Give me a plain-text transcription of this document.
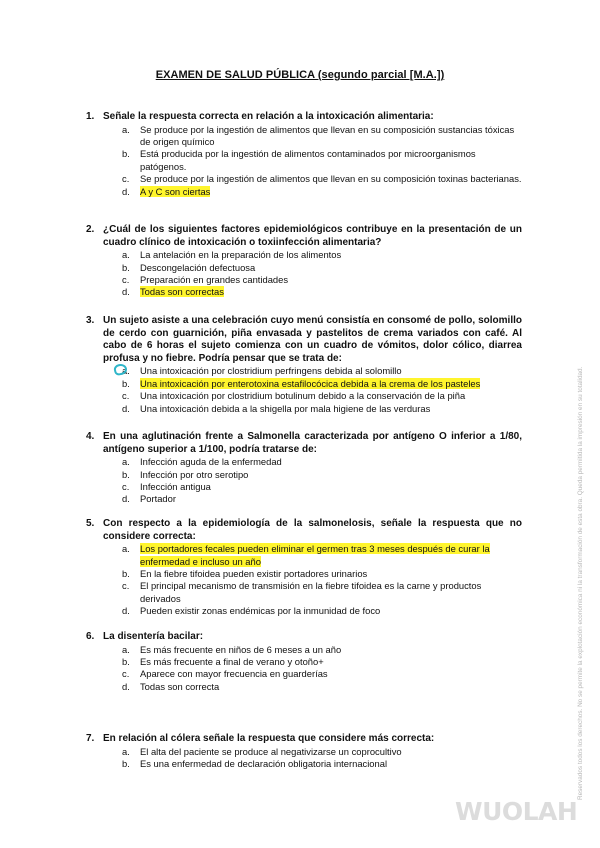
EXAMEN DE SALUD PÚBLICA (segundo parcial [M.A.])
1. Señale la respuesta correcta en relación a la intoxicación alimentaria:
a.	Se produce por la ingestión de alimentos que llevan en su composición sustancias tóxicas de origen químico
b.	Está producida por la ingestión de alimentos contaminados por microorganismos patógenos.
c.	Se produce por la ingestión de alimentos que llevan en su composición toxinas bacterianas.
d.	A y C son ciertas
2. ¿Cuál de los siguientes factores epidemiológicos contribuye en la presentación de un cuadro clínico de intoxicación o toxiinfección alimentaria?
a.	La antelación en la preparación de los alimentos
b.	Descongelación defectuosa
c.	Preparación en grandes cantidades
d.	Todas son correctas
3. Un sujeto asiste a una celebración cuyo menú consistía en consomé de pollo, solomillo de cerdo con guarnición, piña envasada y pastelitos de crema variados con café. Al cabo de 6 horas el sujeto comienza con un cuadro de vómitos, dolor cólico, diarrea profusa y no fiebre. Podría pensar que se trata de:
a.	Una intoxicación por clostridium perfringens debida al solomillo
b.	Una intoxicación por enterotoxina estafilocócica debida a la crema de los pasteles
c.	Una intoxicación por clostridium botulinum debido a la conservación de la piña
d.	Una intoxicación debida a la shigella por mala higiene de las verduras
4. En una aglutinación frente a Salmonella caracterizada por antígeno O inferior a 1/80, antígeno superior a 1/100, podría tratarse de:
a.	Infección aguda de la enfermedad
b.	Infección por otro serotipo
c.	Infección antigua
d.	Portador
5. Con respecto a la epidemiología de la salmonelosis, señale la respuesta que no considere correcta:
a.	Los portadores fecales pueden eliminar el germen tras 3 meses después de curar la enfermedad e incluso un año
b.	En la fiebre tifoidea pueden existir portadores urinarios
c.	El principal mecanismo de transmisión en la fiebre tifoidea es la carne y productos derivados
d.	Pueden existir zonas endémicas por la inmunidad de foco
6. La disentería bacilar:
a.	Es más frecuente en niños de 6 meses a un año
b.	Es más frecuente a final de verano y otoño+
c.	Aparece con mayor frecuencia en guarderías
d.	Todas son correcta
7. En relación al cólera señale la respuesta que considere más correcta:
a.	El alta del paciente se produce al negativizarse un coprocultivo
b.	Es una enfermedad de declaración obligatoria internacional	Reservados todos los derechos. No se permite la explotación económica ni la transformación de esta obra. Queda permitida la impresión en su totalidad.
WUOLAH
